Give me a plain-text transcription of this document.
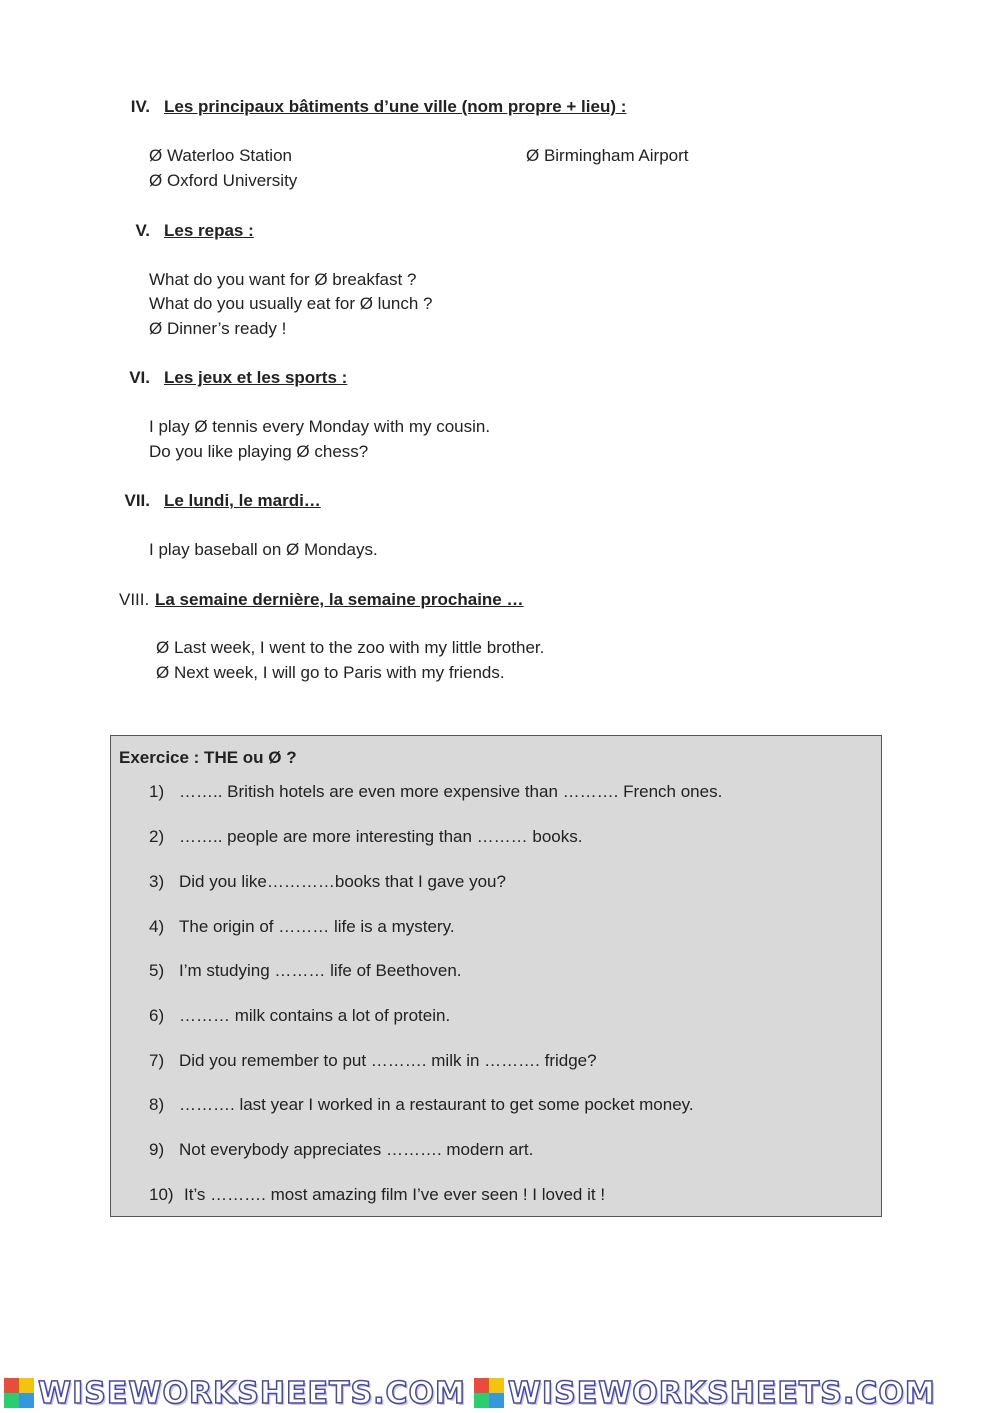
IV. Les principaux bâtiments d’une ville (nom propre + lieu) :
Ø Waterloo Station
Ø Oxford University
Ø Birmingham Airport
V. Les repas :
What do you want for Ø breakfast ?
What do you usually eat for Ø lunch ?
Ø Dinner’s ready !
VI. Les jeux et les sports :
I play Ø tennis every Monday with my cousin.
Do you like playing Ø chess?
VII. Le lundi, le mardi…
I play baseball on Ø Mondays.
VIII. La semaine dernière, la semaine prochaine …
Ø Last week, I went to the zoo with my little brother.
Ø Next week, I will go to Paris with my friends.
Exercice : THE ou Ø ?
1) …….. British hotels are even more expensive than ………. French ones.
2) …….. people are more interesting than ……… books.
3) Did you like…………books that I gave you?
4) The origin of ……… life is a mystery.
5) I’m studying ……… life of Beethoven.
6) ……… milk contains a lot of protein.
7) Did you remember to put ………. milk in ………. fridge?
8) ………. last year I worked in a restaurant to get some pocket money.
9) Not everybody appreciates ………. modern art.
10) It’s ………. most amazing film I’ve ever seen ! I loved it !
WISEWORKSHEETS.COM WISEWORKSHEETS.COM
